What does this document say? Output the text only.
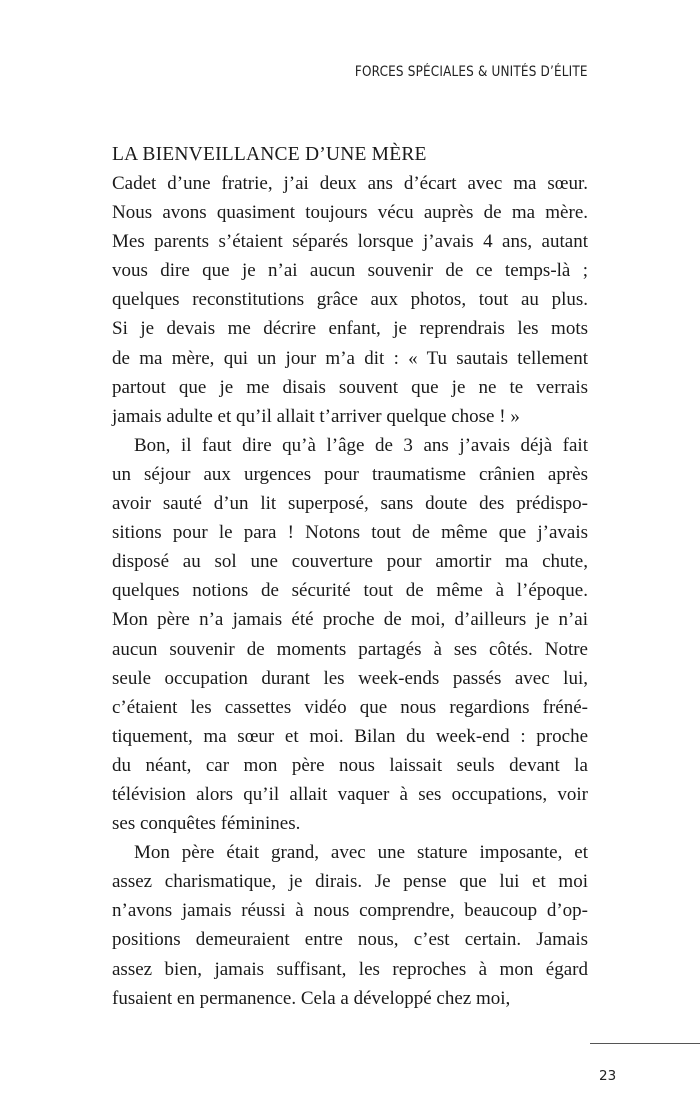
FORCES SPÉCIALES & UNITÉS D’ÉLITE
LA BIENVEILLANCE D’UNE MÈRE
Cadet d’une fratrie, j’ai deux ans d’écart avec ma sœur.
Nous avons quasiment toujours vécu auprès de ma mère.
Mes parents s’étaient séparés lorsque j’avais 4 ans, autant
vous dire que je n’ai aucun souvenir de ce temps-là ;
quelques reconstitutions grâce aux photos, tout au plus.
Si je devais me décrire enfant, je reprendrais les mots
de ma mère, qui un jour m’a dit : « Tu sautais tellement
partout que je me disais souvent que je ne te verrais
jamais adulte et qu’il allait t’arriver quelque chose ! »
Bon, il faut dire qu’à l’âge de 3 ans j’avais déjà fait
un séjour aux urgences pour traumatisme crânien après
avoir sauté d’un lit superposé, sans doute des prédispo-
sitions pour le para ! Notons tout de même que j’avais
disposé au sol une couverture pour amortir ma chute,
quelques notions de sécurité tout de même à l’époque.
Mon père n’a jamais été proche de moi, d’ailleurs je n’ai
aucun souvenir de moments partagés à ses côtés. Notre
seule occupation durant les week-ends passés avec lui,
c’étaient les cassettes vidéo que nous regardions fréné-
tiquement, ma sœur et moi. Bilan du week-end : proche
du néant, car mon père nous laissait seuls devant la
télévision alors qu’il allait vaquer à ses occupations, voir
ses conquêtes féminines.
Mon père était grand, avec une stature imposante, et
assez charismatique, je dirais. Je pense que lui et moi
n’avons jamais réussi à nous comprendre, beaucoup d’op-
positions demeuraient entre nous, c’est certain. Jamais
assez bien, jamais suffisant, les reproches à mon égard
fusaient en permanence. Cela a développé chez moi,
23
